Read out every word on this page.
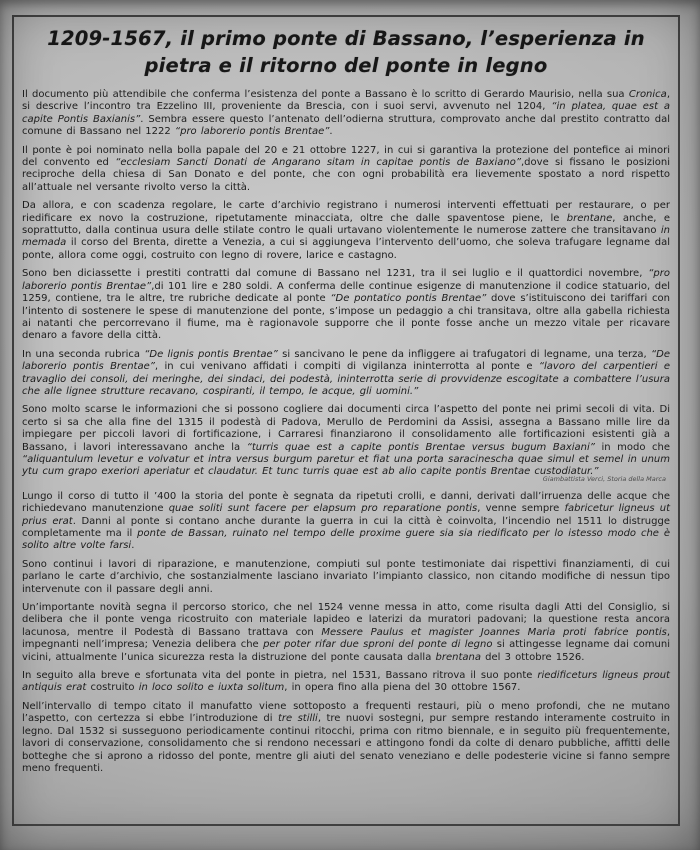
1209-1567, il primo ponte di Bassano, l’esperienza in pietra e il ritorno del ponte in legno

Il documento più attendibile che conferma l’esistenza del ponte a Bassano è lo scritto di Gerardo Maurisio, nella sua Cronica, si descrive l’incontro tra Ezzelino III, proveniente da Brescia, con i suoi servi, avvenuto nel 1204, “in platea, quae est a capite Pontis Baxianis”. Sembra essere questo l’antenato dell’odierna struttura, comprovato anche dal prestito contratto dal comune di Bassano nel 1222 “pro laborerio pontis Brentae”.

Il ponte è poi nominato nella bolla papale del 20 e 21 ottobre 1227, in cui si garantiva la protezione del pontefice ai minori del convento ed “ecclesiam Sancti Donati de Angarano sitam in capitae pontis de Baxiano”,dove si fissano le posizioni reciproche della chiesa di San Donato e del ponte, che con ogni probabilità era lievemente spostato a nord rispetto all’attuale nel versante rivolto verso la città.

Da allora, e con scadenza regolare, le carte d’archivio registrano i numerosi interventi effettuati per restaurare, o per riedificare ex novo la costruzione, ripetutamente minacciata, oltre che dalle spaventose piene, le brentane, anche, e soprattutto, dalla continua usura delle stilate contro le quali urtavano violentemente le numerose zattere che transitavano in memada il corso del Brenta, dirette a Venezia, a cui si aggiungeva l’intervento dell’uomo, che soleva trafugare legname dal ponte, allora come oggi, costruito con legno di rovere, larice e castagno.

Sono ben diciassette i prestiti contratti dal comune di Bassano nel 1231, tra il sei luglio e il quattordici novembre, “pro laborerio pontis Brentae”,di 101 lire e 280 soldi. A conferma delle continue esigenze di manutenzione il codice statuario, del 1259, contiene, tra le altre, tre rubriche dedicate al ponte “De pontatico pontis Brentae” dove s’istituiscono dei tariffari con l’intento di sostenere le spese di manutenzione del ponte, s’impose un pedaggio a chi transitava, oltre alla gabella richiesta ai natanti che percorrevano il fiume, ma è ragionavole supporre che il ponte fosse anche un mezzo vitale per ricavare denaro a favore della città.

In una seconda rubrica “De lignis pontis Brentae” si sancivano le pene da infliggere ai trafugatori di legname, una terza, “De laborerio pontis Brentae”, in cui venivano affidati i compiti di vigilanza ininterrotta al ponte e “lavoro del carpentieri e travaglio dei consoli, dei meringhe, dei sindaci, dei podestà, ininterrotta serie di provvidenze escogitate a combattere l’usura che alle lignee strutture recavano, cospiranti, il tempo, le acque, gli uomini.”

Sono molto scarse le informazioni che si possono cogliere dai documenti circa l’aspetto del ponte nei primi secoli di vita. Di certo si sa che alla fine del 1315 il podestà di Padova, Merullo de Perdomini da Assisi, assegna a Bassano mille lire da impiegare per piccoli lavori di fortificazione, i Carraresi finanziarono il consolidamento alle fortificazioni esistenti già a Bassano, i lavori interessavano anche la “turris quae est a capite pontis Brentae versus bugum Baxiani” in modo che “aliquantulum levetur e volvatur et intra versus burgum paretur et fiat una porta saracinescha quae simul et semel in unum ytu cum grapo exeriori aperiatur et claudatur. Et tunc turris quae est ab alio capite pontis Brentae custodiatur.”

Giambattista Verci, Storia della Marca

Lungo il corso di tutto il ’400 la storia del ponte è segnata da ripetuti crolli, e danni, derivati dall’irruenza delle acque che richiedevano manutenzione quae soliti sunt facere per elapsum pro reparatione pontis, venne sempre fabricetur ligneus ut prius erat. Danni al ponte si contano anche durante la guerra in cui la città è coinvolta, l’incendio nel 1511 lo distrugge completamente ma il ponte de Bassan, ruinato nel tempo delle proxime guere sia sia riedificato per lo istesso modo che è solito altre volte farsi.

Sono continui i lavori di riparazione, e manutenzione, compiuti sul ponte testimoniate dai rispettivi finanziamenti, di cui parlano le carte d’archivio, che sostanzialmente lasciano invariato l’impianto classico, non citando modifiche di nessun tipo intervenute con il passare degli anni.

Un’importante novità segna il percorso storico, che nel 1524 venne messa in atto, come risulta dagli Atti del Consiglio, si delibera che il ponte venga ricostruito con materiale lapideo e laterizi da muratori padovani; la questione resta ancora lacunosa, mentre il Podestà di Bassano trattava con Messere Paulus et magister Joannes Maria proti fabrice pontis, impegnanti nell’impresa; Venezia delibera che per poter rifar due sproni del ponte di legno si attingesse legname dai comuni vicini, attualmente l’unica sicurezza resta la distruzione del ponte causata dalla brentana del 3 ottobre 1526.

In seguito alla breve e sfortunata vita del ponte in pietra, nel 1531, Bassano ritrova il suo ponte riedificeturs ligneus prout antiquis erat costruito in loco solito e iuxta solitum, in opera fino alla piena del 30 ottobre 1567.

Nell’intervallo di tempo citato il manufatto viene sottoposto a frequenti restauri, più o meno profondi, che ne mutano l’aspetto, con certezza si ebbe l’introduzione di tre stilli, tre nuovi sostegni, pur sempre restando interamente costruito in legno. Dal 1532 si susseguono periodicamente continui ritocchi, prima con ritmo biennale, e in seguito più frequentemente, lavori di conservazione, consolidamento che si rendono necessari e attingono fondi da colte di denaro pubbliche, affitti delle botteghe che si aprono a ridosso del ponte, mentre gli aiuti del senato veneziano e delle podesterie vicine si fanno sempre meno frequenti.
